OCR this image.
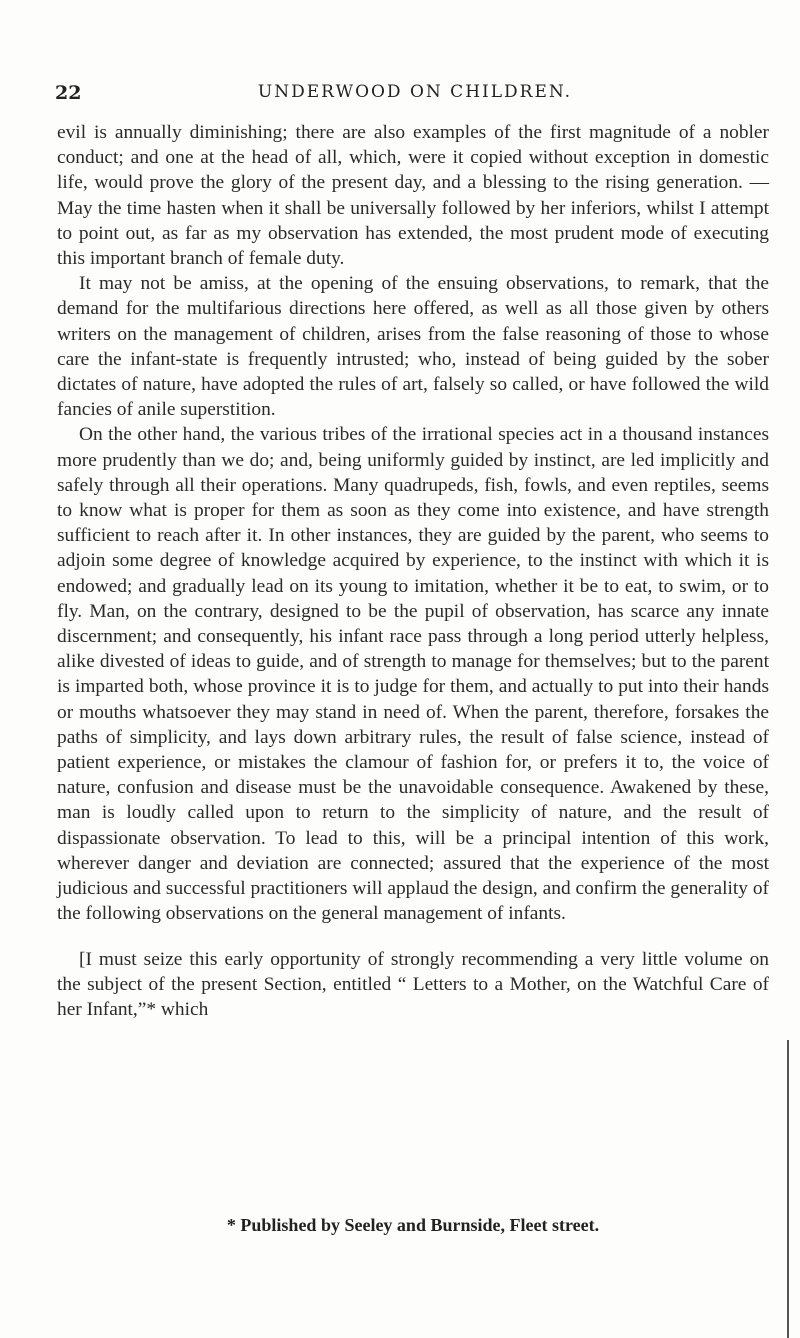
22	UNDERWOOD ON CHILDREN.

evil is annually diminishing; there are also examples of the first magnitude of a nobler conduct; and one at the head of all, which, were it copied without exception in domestic life, would prove the glory of the present day, and a blessing to the rising generation. — May the time hasten when it shall be universally followed by her inferiors, whilst I attempt to point out, as far as my observation has extended, the most prudent mode of executing this important branch of female duty.

It may not be amiss, at the opening of the ensuing observations, to remark, that the demand for the multifarious directions here offered, as well as all those given by others writers on the management of children, arises from the false reasoning of those to whose care the infant-state is frequently intrusted; who, instead of being guided by the sober dictates of nature, have adopted the rules of art, falsely so called, or have followed the wild fancies of anile superstition.

On the other hand, the various tribes of the irrational species act in a thousand instances more prudently than we do; and, being uniformly guided by instinct, are led implicitly and safely through all their operations. Many quadrupeds, fish, fowls, and even reptiles, seems to know what is proper for them as soon as they come into existence, and have strength sufficient to reach after it. In other instances, they are guided by the parent, who seems to adjoin some degree of knowledge acquired by experience, to the instinct with which it is endowed; and gradually lead on its young to imitation, whether it be to eat, to swim, or to fly. Man, on the contrary, designed to be the pupil of observation, has scarce any innate discernment; and consequently, his infant race pass through a long period utterly helpless, alike divested of ideas to guide, and of strength to manage for themselves; but to the parent is imparted both, whose province it is to judge for them, and actually to put into their hands or mouths whatsoever they may stand in need of. When the parent, therefore, forsakes the paths of simplicity, and lays down arbitrary rules, the result of false science, instead of patient experience, or mistakes the clamour of fashion for, or prefers it to, the voice of nature, confusion and disease must be the unavoidable consequence. Awakened by these, man is loudly called upon to return to the simplicity of nature, and the result of dispassionate observation. To lead to this, will be a principal intention of this work, wherever danger and deviation are connected; assured that the experience of the most judicious and successful practitioners will applaud the design, and confirm the generality of the following observations on the general management of infants.

[I must seize this early opportunity of strongly recommending a very little volume on the subject of the present Section, entitled “ Letters to a Mother, on the Watchful Care of her Infant,”* which

* Published by Seeley and Burnside, Fleet street.
